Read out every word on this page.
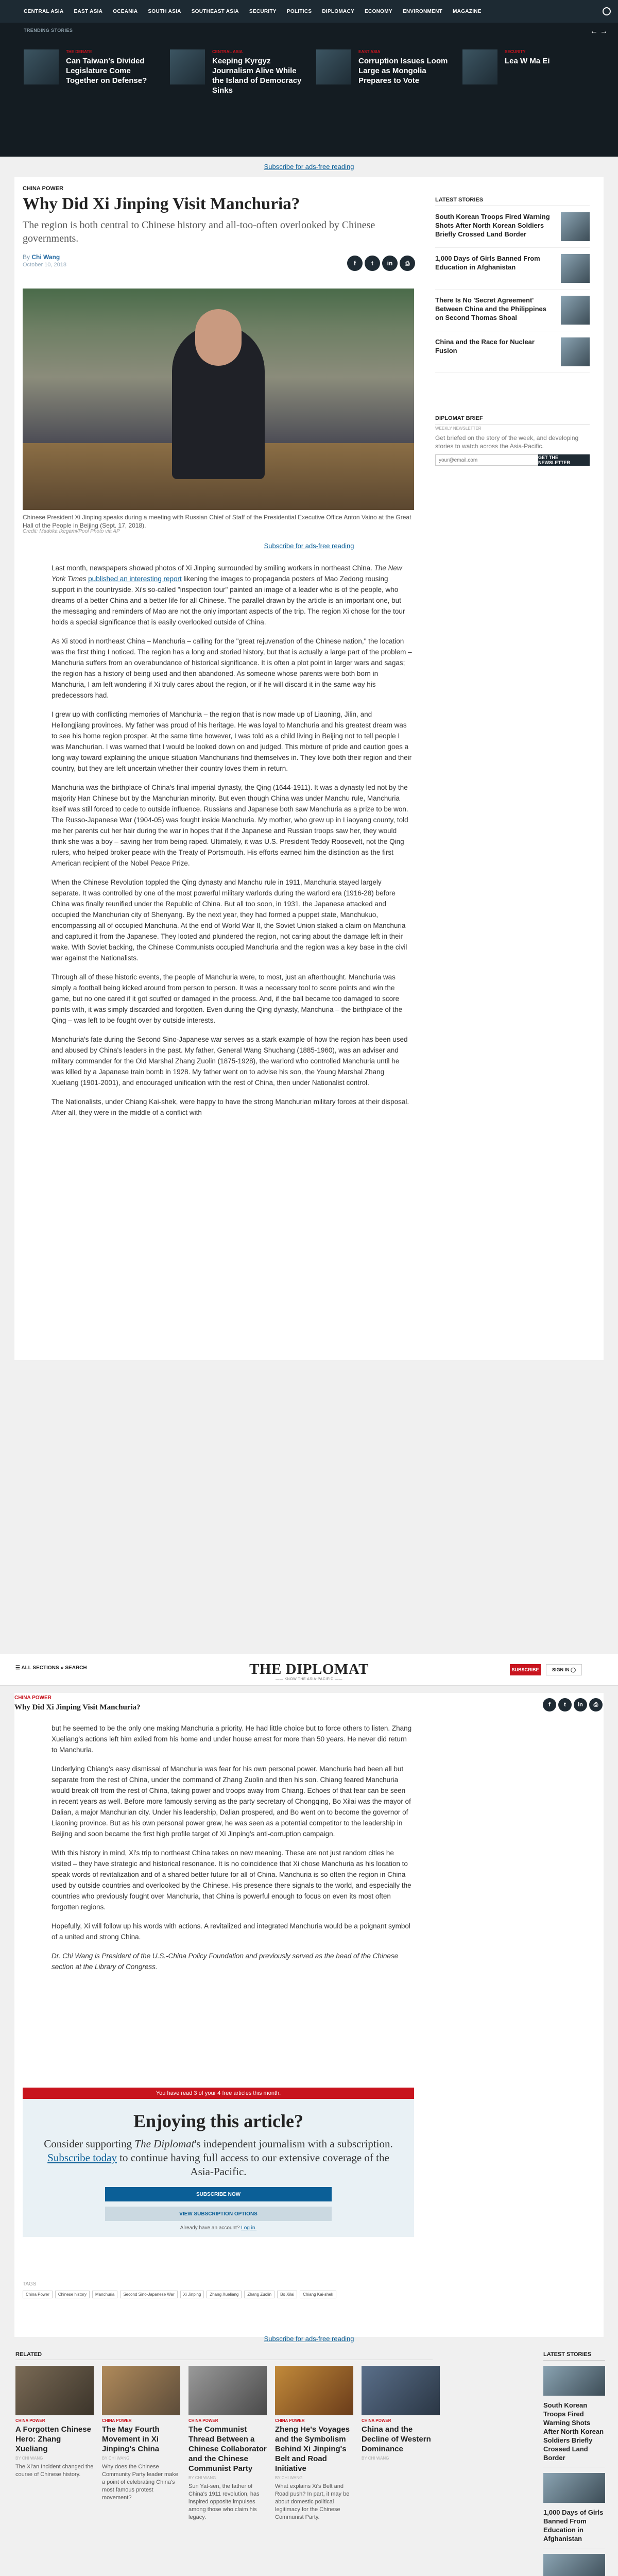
CENTRAL ASIA EAST ASIA OCEANIA SOUTH ASIA SOUTHEAST ASIA SECURITY POLITICS DIPLOMACY ECONOMY ENVIRONMENT MAGAZINE
TRENDING STORIES	← →
THE DEBATE
Can Taiwan's Divided Legislature Come Together on Defense?
CENTRAL ASIA
Keeping Kyrgyz Journalism Alive While the Island of Democracy Sinks
EAST ASIA
Corruption Issues Loom Large as Mongolia Prepares to Vote
SECURITY
Lea W Ma Ei
Subscribe for ads-free reading
CHINA POWER
Why Did Xi Jinping Visit Manchuria?
The region is both central to Chinese history and all-too-often overlooked by Chinese governments.
By Chi Wang
October 10, 2018	f	t	in	⎙
Chinese President Xi Jinping speaks during a meeting with Russian Chief of Staff of the Presidential Executive Office Anton Vaino at the Great Hall of the People in Beijing (Sept. 17, 2018).
Credit: Madoka Ikegami/Pool Photo via AP
Subscribe for ads-free reading

Last month, newspapers showed photos of Xi Jinping surrounded by smiling workers in northeast China. The New York Times published an interesting report likening the images to propaganda posters of Mao Zedong rousing support in the countryside. Xi's so-called "inspection tour" painted an image of a leader who is of the people, who dreams of a better China and a better life for all Chinese. The parallel drawn by the article is an important one, but the messaging and reminders of Mao are not the only important aspects of the trip. The region Xi chose for the tour holds a special significance that is easily overlooked outside of China.

As Xi stood in northeast China – Manchuria – calling for the "great rejuvenation of the Chinese nation," the location was the first thing I noticed. The region has a long and storied history, but that is actually a large part of the problem – Manchuria suffers from an overabundance of historical significance. It is often a plot point in larger wars and sagas; the region has a history of being used and then abandoned. As someone whose parents were both born in Manchuria, I am left wondering if Xi truly cares about the region, or if he will discard it in the same way his predecessors had.

I grew up with conflicting memories of Manchuria – the region that is now made up of Liaoning, Jilin, and Heilongjiang provinces. My father was proud of his heritage. He was loyal to Manchuria and his greatest dream was to see his home region prosper. At the same time however, I was told as a child living in Beijing not to tell people I was Manchurian. I was warned that I would be looked down on and judged. This mixture of pride and caution goes a long way toward explaining the unique situation Manchurians find themselves in. They love both their region and their country, but they are left uncertain whether their country loves them in return.

Manchuria was the birthplace of China's final imperial dynasty, the Qing (1644-1911). It was a dynasty led not by the majority Han Chinese but by the Manchurian minority. But even though China was under Manchu rule, Manchuria itself was still forced to cede to outside influence. Russians and Japanese both saw Manchuria as a prize to be won. The Russo-Japanese War (1904-05) was fought inside Manchuria. My mother, who grew up in Liaoyang county, told me her parents cut her hair during the war in hopes that if the Japanese and Russian troops saw her, they would think she was a boy – saving her from being raped. Ultimately, it was U.S. President Teddy Roosevelt, not the Qing rulers, who helped broker peace with the Treaty of Portsmouth. His efforts earned him the distinction as the first American recipient of the Nobel Peace Prize.

When the Chinese Revolution toppled the Qing dynasty and Manchu rule in 1911, Manchuria stayed largely separate. It was controlled by one of the most powerful military warlords during the warlord era (1916-28) before China was finally reunified under the Republic of China. But all too soon, in 1931, the Japanese attacked and occupied the Manchurian city of Shenyang. By the next year, they had formed a puppet state, Manchukuo, encompassing all of occupied Manchuria. At the end of World War II, the Soviet Union staked a claim on Manchuria and captured it from the Japanese. They looted and plundered the region, not caring about the damage left in their wake. With Soviet backing, the Chinese Communists occupied Manchuria and the region was a key base in the civil war against the Nationalists.

Through all of these historic events, the people of Manchuria were, to most, just an afterthought. Manchuria was simply a football being kicked around from person to person. It was a necessary tool to score points and win the game, but no one cared if it got scuffed or damaged in the process. And, if the ball became too damaged to score points with, it was simply discarded and forgotten. Even during the Qing dynasty, Manchuria – the birthplace of the Qing – was left to be fought over by outside interests.

Manchuria's fate during the Second Sino-Japanese war serves as a stark example of how the region has been used and abused by China's leaders in the past. My father, General Wang Shuchang (1885-1960), was an adviser and military commander for the Old Marshal Zhang Zuolin (1875-1928), the warlord who controlled Manchuria until he was killed by a Japanese train bomb in 1928. My father went on to advise his son, the Young Marshal Zhang Xueliang (1901-2001), and encouraged unification with the rest of China, then under Nationalist control.

The Nationalists, under Chiang Kai-shek, were happy to have the strong Manchurian military forces at their disposal. After all, they were in the middle of a conflict with

LATEST STORIES
South Korean Troops Fired Warning Shots After North Korean Soldiers Briefly Crossed Land Border
1,000 Days of Girls Banned From Education in Afghanistan
There Is No 'Secret Agreement' Between China and the Philippines on Second Thomas Shoal
China and the Race for Nuclear Fusion
DIPLOMAT BRIEF
WEEKLY NEWSLETTER
Get briefed on the story of the week, and developing stories to watch across the Asia-Pacific.
your@email.com
GET THE NEWSLETTER
☰ ALL SECTIONS ⌕ SEARCH	THE DIPLOMAT
—— KNOW THE ASIA-PACIFIC ——
SUBSCRIBE	SIGN IN ◯
CHINA POWER
Why Did Xi Jinping Visit Manchuria?	f	t	in	⎙

but he seemed to be the only one making Manchuria a priority. He had little choice but to force others to listen. Zhang Xueliang's actions left him exiled from his home and under house arrest for more than 50 years. He never did return to Manchuria.

Underlying Chiang's easy dismissal of Manchuria was fear for his own personal power. Manchuria had been all but separate from the rest of China, under the command of Zhang Zuolin and then his son. Chiang feared Manchuria would break off from the rest of China, taking power and troops away from Chiang. Echoes of that fear can be seen in recent years as well. Before more famously serving as the party secretary of Chongqing, Bo Xilai was the mayor of Dalian, a major Manchurian city. Under his leadership, Dalian prospered, and Bo went on to become the governor of Liaoning province. But as his own personal power grew, he was seen as a potential competitor to the leadership in Beijing and soon became the first high profile target of Xi Jinping's anti-corruption campaign.

With this history in mind, Xi's trip to northeast China takes on new meaning. These are not just random cities he visited – they have strategic and historical resonance. It is no coincidence that Xi chose Manchuria as his location to speak words of revitalization and of a shared better future for all of China. Manchuria is so often the region in China used by outside countries and overlooked by the Chinese. His presence there signals to the world, and especially the countries who previously fought over Manchuria, that China is powerful enough to focus on even its most often forgotten regions.

Hopefully, Xi will follow up his words with actions. A revitalized and integrated Manchuria would be a poignant symbol of a united and strong China.

Dr. Chi Wang is President of the U.S.-China Policy Foundation and previously served as the head of the Chinese section at the Library of Congress.

You have read 3 of your 4 free articles this month.
Enjoying this article?
Consider supporting The Diplomat's independent journalism with a subscription. Subscribe today to continue having full access to our extensive coverage of the Asia-Pacific.
SUBSCRIBE NOW
VIEW SUBSCRIPTION OPTIONS
Already have an account? Log in.
TAGS
China Power	Chinese history	Manchuria	Second Sino-Japanese War	Xi Jinping	Zhang Xueliang	Zhang Zuolin	Bo Xilai	Chiang Kai-shek
Subscribe for ads-free reading
RELATED
CHINA POWER
A Forgotten Chinese Hero: Zhang Xueliang
BY CHI WANG
The Xi'an Incident changed the course of Chinese history.
CHINA POWER
The May Fourth Movement in Xi Jinping's China
BY CHI WANG
Why does the Chinese Community Party leader make a point of celebrating China's most famous protest movement?
CHINA POWER
The Communist Thread Between a Chinese Collaborator and the Chinese Communist Party
BY CHI WANG
Sun Yat-sen, the father of China's 1911 revolution, has inspired opposite impulses among those who claim his legacy.
CHINA POWER
Zheng He's Voyages and the Symbolism Behind Xi Jinping's Belt and Road Initiative
BY CHI WANG
What explains Xi's Belt and Road push? In part, it may be about domestic political legitimacy for the Chinese Communist Party.
CHINA POWER
China and the Decline of Western Dominance
BY CHI WANG
LATEST STORIES
South Korean Troops Fired Warning Shots After North Korean Soldiers Briefly Crossed Land Border
1,000 Days of Girls Banned From Education in Afghanistan
